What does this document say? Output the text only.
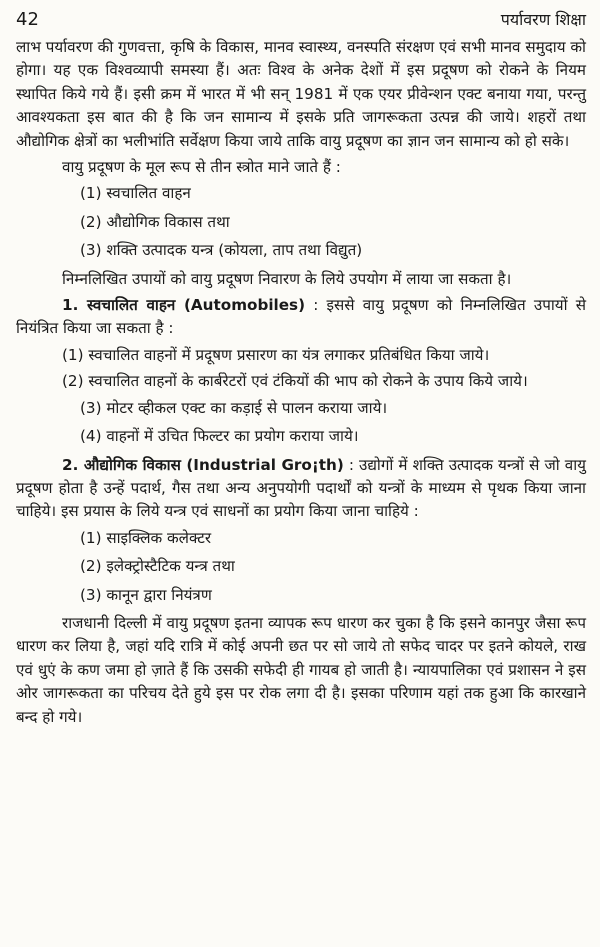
42	पर्यावरण शिक्षा

लाभ पर्यावरण की गुणवत्ता, कृषि के विकास, मानव स्वास्थ्य, वनस्पति संरक्षण एवं सभी मानव समुदाय को होगा। यह एक विश्वव्यापी समस्या हैं। अतः विश्व के अनेक देशों में इस प्रदूषण को रोकने के नियम स्थापित किये गये हैं। इसी क्रम में भारत में भी सन् 1981 में एक एयर प्रीवेन्शन एक्ट बनाया गया, परन्तु आवश्यकता इस बात की है कि जन सामान्य में इसके प्रति जागरूकता उत्पन्न की जाये। शहरों तथा औद्योगिक क्षेत्रों का भलीभांति सर्वेक्षण किया जाये ताकि वायु प्रदूषण का ज्ञान जन सामान्य को हो सके।

वायु प्रदूषण के मूल रूप से तीन स्त्रोत माने जाते हैं :

(1) स्वचालित वाहन
(2) औद्योगिक विकास तथा
(3) शक्ति उत्पादक यन्त्र (कोयला, ताप तथा विद्युत)

निम्नलिखित उपायों को वायु प्रदूषण निवारण के लिये उपयोग में लाया जा सकता है।

1. स्वचालित वाहन (Automobiles) : इससे वायु प्रदूषण को निम्नलिखित उपायों से नियंत्रित किया जा सकता है :

(1) स्वचालित वाहनों में प्रदूषण प्रसारण का यंत्र लगाकर प्रतिबंधित किया जाये।

(2) स्वचालित वाहनों के कार्बरेटरों एवं टंकियों की भाप को रोकने के उपाय किये जाये।

(3) मोटर व्हीकल एक्ट का कड़ाई से पालन कराया जाये।
(4) वाहनों में उचित फिल्टर का प्रयोग कराया जाये।

2. औद्योगिक विकास (Industrial Gro¡th) : उद्योगों में शक्ति उत्पादक यन्त्रों से जो वायु प्रदूषण होता है उन्हें पदार्थ, गैस तथा अन्य अनुपयोगी पदार्थों को यन्त्रों के माध्यम से पृथक किया जाना चाहिये। इस प्रयास के लिये यन्त्र एवं साधनों का प्रयोग किया जाना चाहिये :

(1) साइक्लिक कलेक्टर
(2) इलेक्ट्रोस्टैटिक यन्त्र तथा
(3) कानून द्वारा नियंत्रण

राजधानी दिल्ली में वायु प्रदूषण इतना व्यापक रूप धारण कर चुका है कि इसने कानपुर जैसा रूप धारण कर लिया है, जहां यदि रात्रि में कोई अपनी छत पर सो जाये तो सफेद चादर पर इतने कोयले, राख एवं धुएं के कण जमा हो ज़ाते हैं कि उसकी सफेदी ही गायब हो जाती है। न्यायपालिका एवं प्रशासन ने इस ओर जागरूकता का परिचय देते हुये इस पर रोक लगा दी है। इसका परिणाम यहां तक हुआ कि कारखाने बन्द हो गये।
